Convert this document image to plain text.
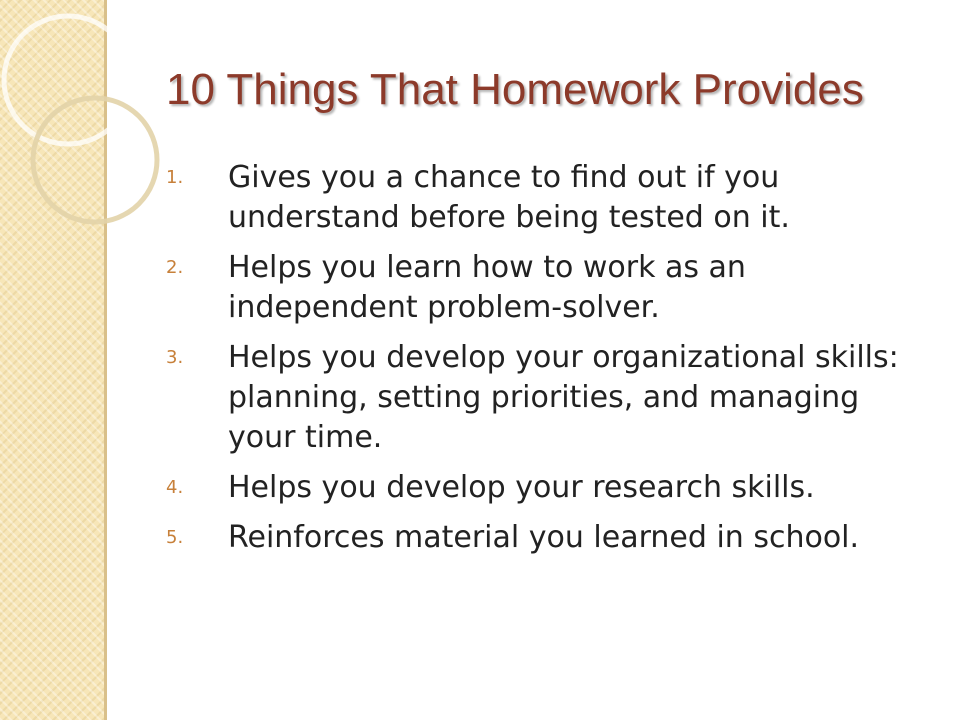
10 Things That Homework Provides
1.	Gives you a chance to find out if you understand before being tested on it.
2.	Helps you learn how to work as an independent problem-solver.
3.	Helps you develop your organizational skills: planning, setting priorities, and managing your time.
4.	Helps you develop your research skills.
5.	Reinforces material you learned in school.
